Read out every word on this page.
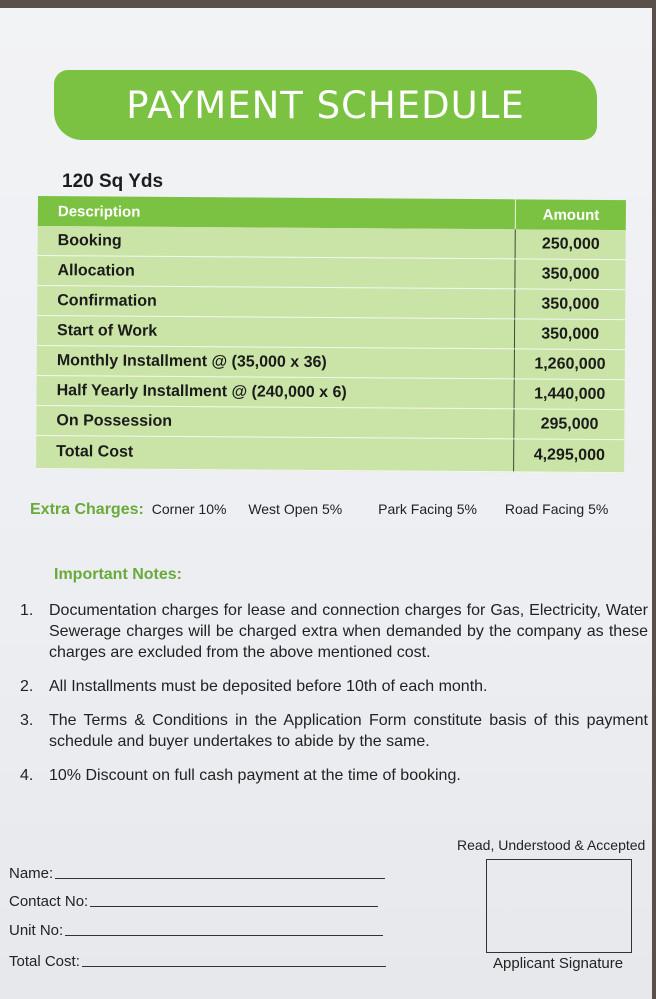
PAYMENT SCHEDULE
120 Sq Yds
Description	Amount
Booking	250,000
Allocation	350,000
Confirmation	350,000
Start of Work	350,000
Monthly Installment @ (35,000 x 36)	1,260,000
Half Yearly Installment @ (240,000 x 6)	1,440,000
On Possession	295,000
Total Cost	4,295,000
Extra Charges: Corner 10% West Open 5%	Park Facing 5% Road Facing 5%
Important Notes:
1. Documentation charges for lease and connection charges for Gas, Electricity, Water Sewerage charges will be charged extra when demanded by the company as these charges are excluded from the above mentioned cost.
2. All Installments must be deposited before 10th of each month.
3. The Terms & Conditions in the Application Form constitute basis of this payment schedule and buyer undertakes to abide by the same.
4. 10% Discount on full cash payment at the time of booking.
Read, Understood & Accepted
Applicant Signature
Name:
Contact No:
Unit No:
Total Cost:
